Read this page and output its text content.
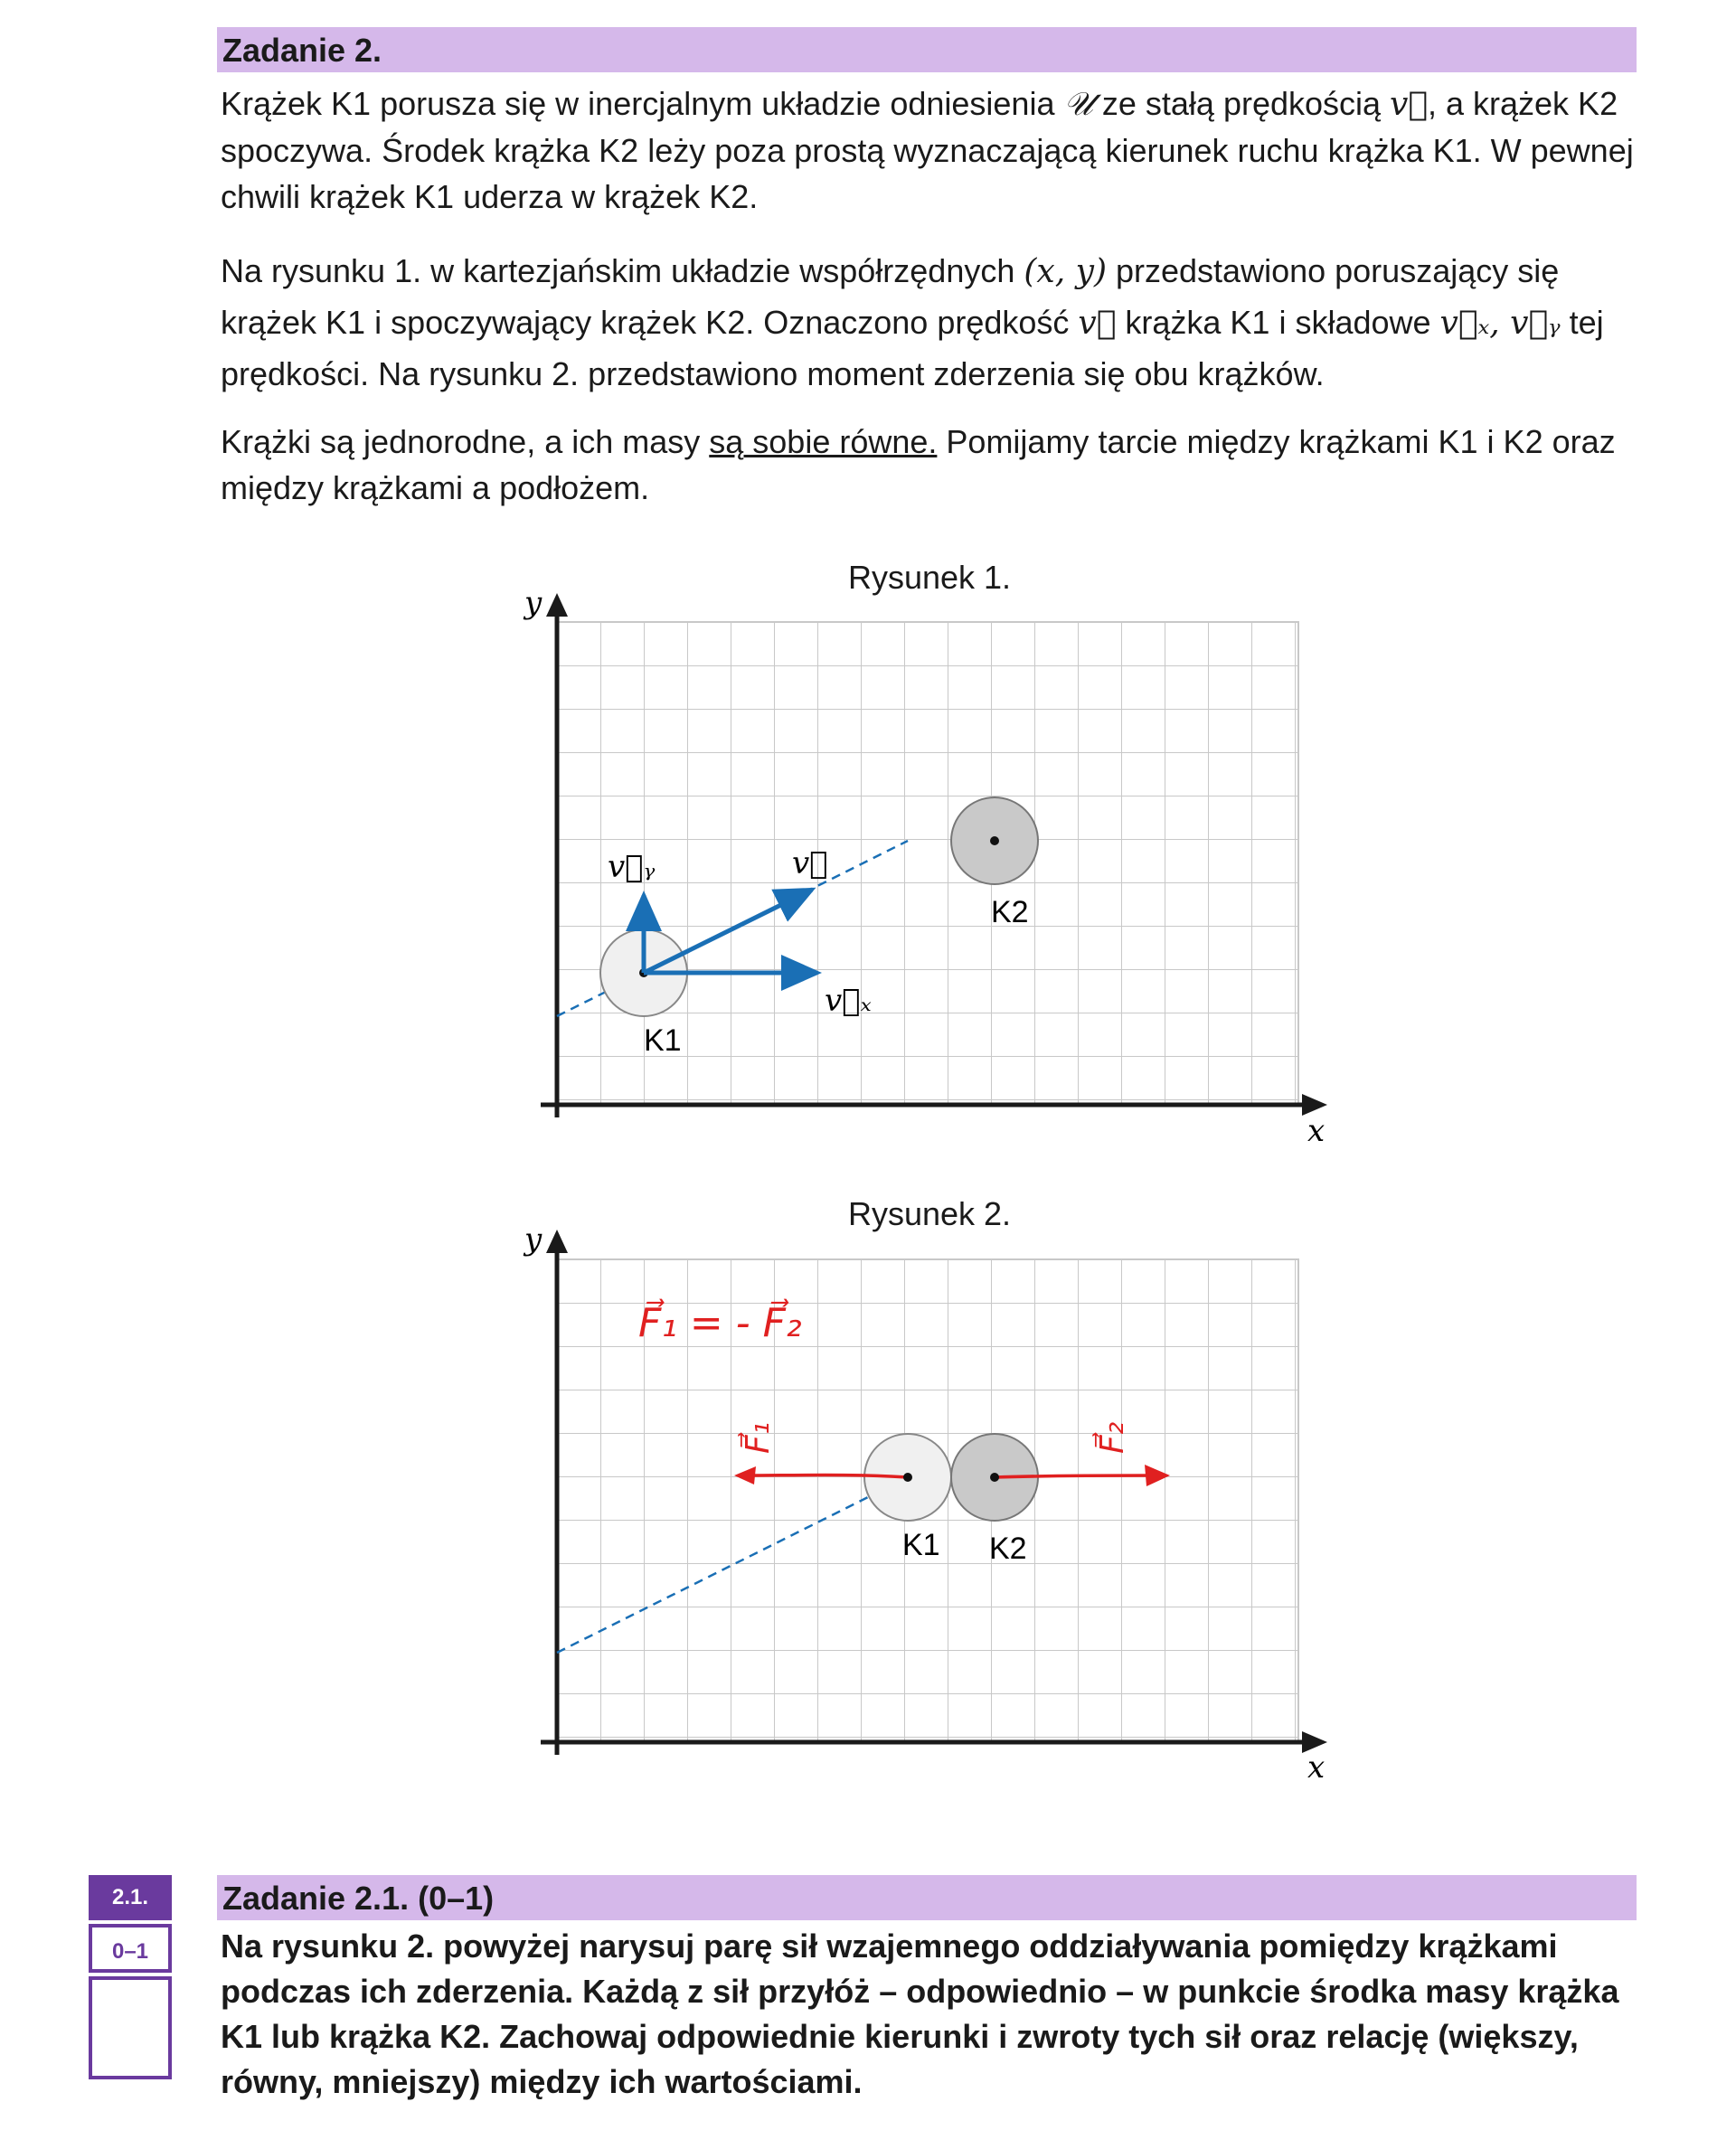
Zadanie 2.
Krążek K1 porusza się w inercjalnym układzie odniesienia 𝒰 ze stałą prędkością v⃗, a krążek K2 spoczywa. Środek krążka K2 leży poza prostą wyznaczającą kierunek ruchu krążka K1. W pewnej chwili krążek K1 uderza w krążek K2.
Na rysunku 1. w kartezjańskim układzie współrzędnych (x, y) przedstawiono poruszający się krążek K1 i spoczywający krążek K2. Oznaczono prędkość v⃗ krążka K1 i składowe v⃗ₓ, v⃗ᵧ tej prędkości. Na rysunku 2. przedstawiono moment zderzenia się obu krążków.
Krążki są jednorodne, a ich masy są sobie równe. Pomijamy tarcie między krążkami K1 i K2 oraz między krążkami a podłożem.
Rysunek 1.
Rysunek 2.
y
x
v⃗
v⃗ᵧ
v⃗ₓ
K1
K2
y
x
F⃗₁ = - F⃗₂
F⃗₁	F⃗₂
K1 K2
2.1.
0–1
Zadanie 2.1. (0–1)
Na rysunku 2. powyżej narysuj parę sił wzajemnego oddziaływania pomiędzy krążkami podczas ich zderzenia. Każdą z sił przyłóż – odpowiednio – w punkcie środka masy krążka K1 lub krążka K2. Zachowaj odpowiednie kierunki i zwroty tych sił oraz relację (większy, równy, mniejszy) między ich wartościami.
